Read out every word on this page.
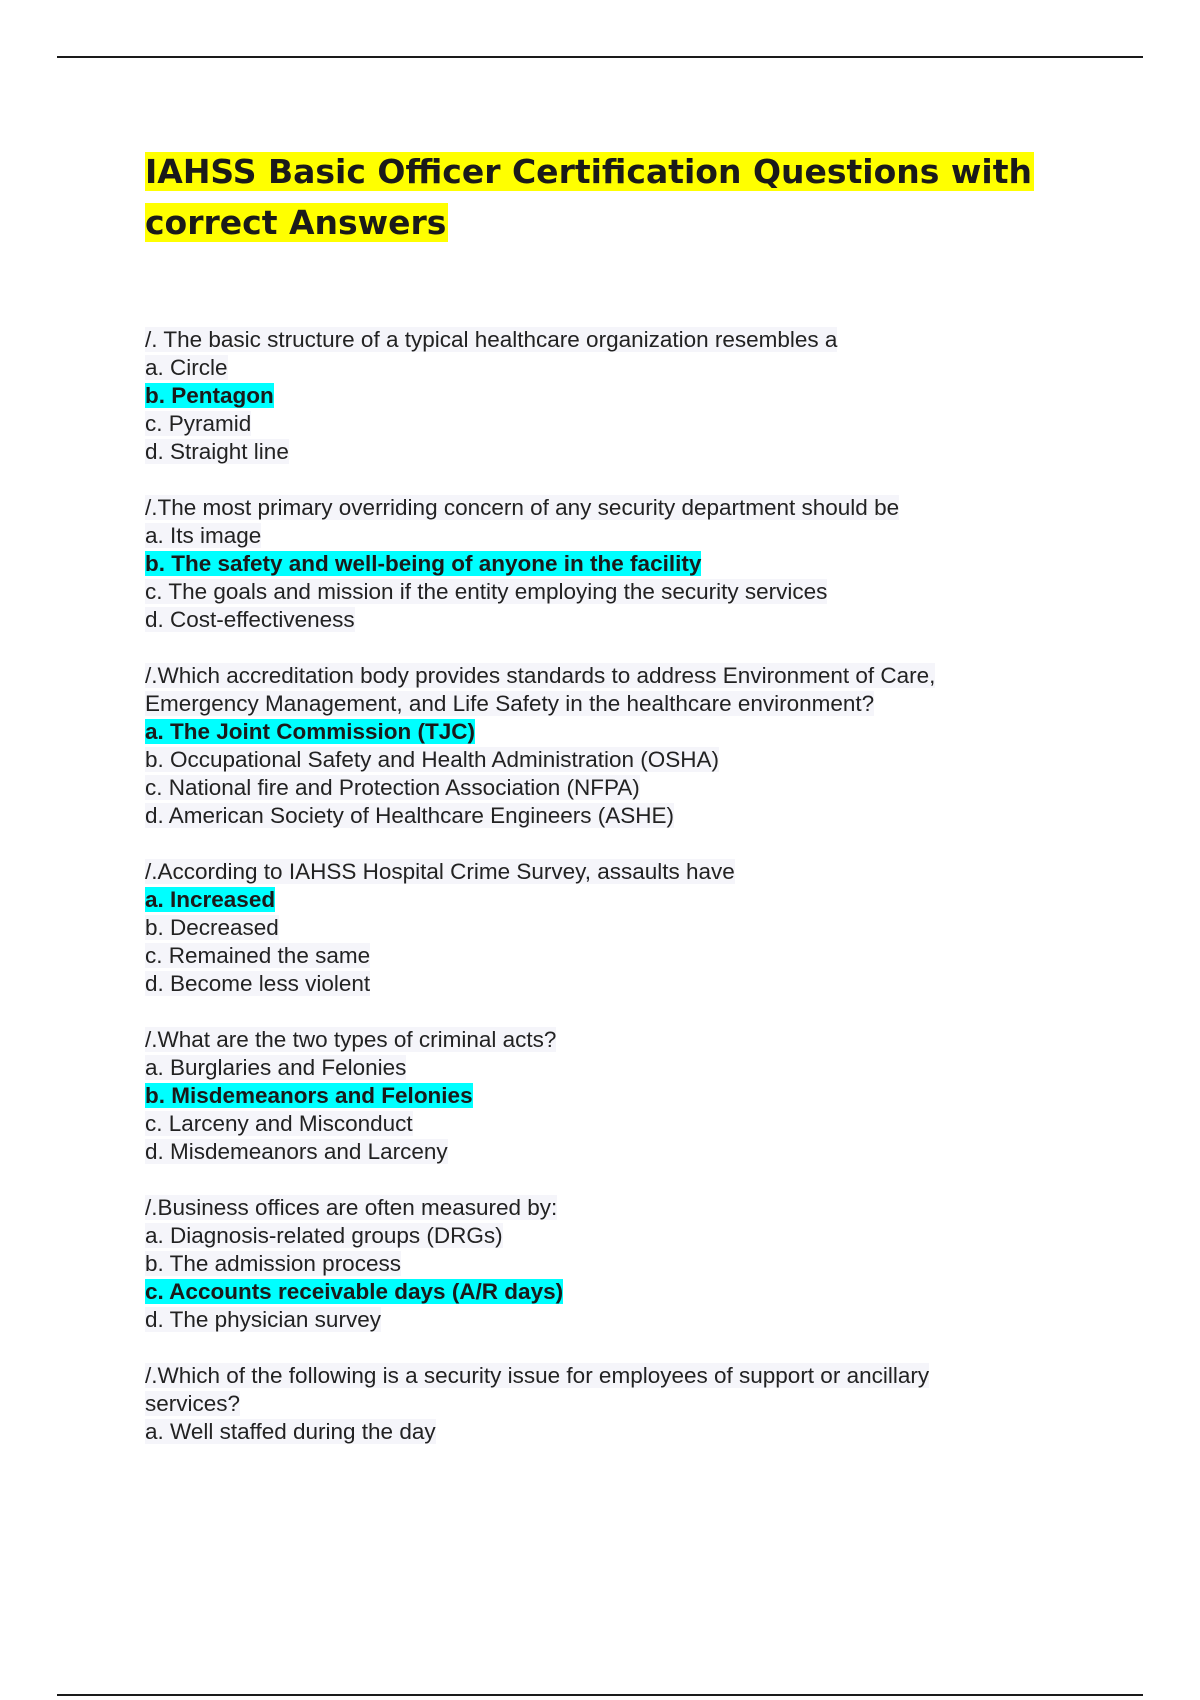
IAHSS Basic Officer Certification Questions with
correct Answers

/. The basic structure of a typical healthcare organization resembles a

a. Circle

b. Pentagon

c. Pyramid

d. Straight line

/.The most primary overriding concern of any security department should be

a. Its image

b. The safety and well-being of anyone in the facility

c. The goals and mission if the entity employing the security services

d. Cost-effectiveness

/.Which accreditation body provides standards to address Environment of Care, Emergency Management, and Life Safety in the healthcare environment?

a. The Joint Commission (TJC)

b. Occupational Safety and Health Administration (OSHA)

c. National fire and Protection Association (NFPA)

d. American Society of Healthcare Engineers (ASHE)

/.According to IAHSS Hospital Crime Survey, assaults have

a. Increased

b. Decreased

c. Remained the same

d. Become less violent

/.What are the two types of criminal acts?

a. Burglaries and Felonies

b. Misdemeanors and Felonies

c. Larceny and Misconduct

d. Misdemeanors and Larceny

/.Business offices are often measured by:

a. Diagnosis-related groups (DRGs)

b. The admission process

c. Accounts receivable days (A/R days)

d. The physician survey

/.Which of the following is a security issue for employees of support or ancillary services?

a. Well staffed during the day
